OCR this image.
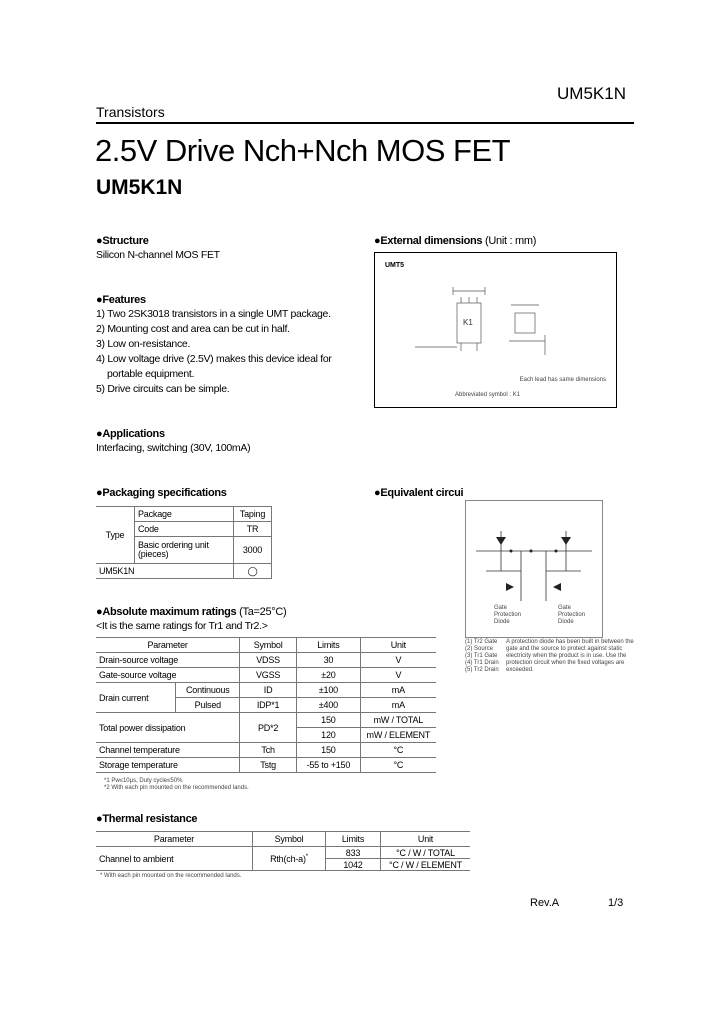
UM5K1N
Transistors
2.5V Drive Nch+Nch MOS FET
UM5K1N
●Structure
Silicon N-channel MOS FET
●Features
1) Two 2SK3018 transistors in a single UMT package.
2) Mounting cost and area can be cut in half.
3) Low on-resistance.
4) Low voltage drive (2.5V) makes this device ideal for
portable equipment.
5) Drive circuits can be simple.
●Applications
Interfacing, switching (30V, 100mA)
●External dimensions (Unit : mm)
UMT5
K1
Each lead has same dimensions
Abbreviated symbol : K1
●Packaging specifications
Type	Package	Taping
	Code	TR
	Basic ordering unit (pieces)	3000
UM5K1N		◯
●Equivalent circui
Gate Protection Diode
Gate Protection Diode
(1) Tr2 Gate
(2) Source
(3) Tr1 Gate
(4) Tr1 Drain
(5) Tr2 Drain
A protection diode has been built in between the gate and the source to protect against static electricity when the product is in use. Use the protection circuit when the fixed voltages are exceeded.
●Absolute maximum ratings (Ta=25°C)
<It is the same ratings for Tr1 and Tr2.>
Parameter		Symbol	Limits	Unit
Drain-source voltage		VDSS	30	V
Gate-source voltage		VGSS	±20	V
Drain current	Continuous	ID	±100	mA
	Pulsed	IDP*1	±400	mA
Total power dissipation		PD*2	150	mW / TOTAL
			120	mW / ELEMENT
Channel temperature		Tch	150	°C
Storage temperature		Tstg	-55 to +150	°C
*1 Pw≤10μs, Duty cycle≤50%
*2 With each pin mounted on the recommended lands.
●Thermal resistance
Parameter	Symbol	Limits	Unit
Channel to ambient	Rth(ch-a)*	833	°C / W / TOTAL
		1042	°C / W / ELEMENT
* With each pin mounted on the recommended lands.
Rev.A	1/3
